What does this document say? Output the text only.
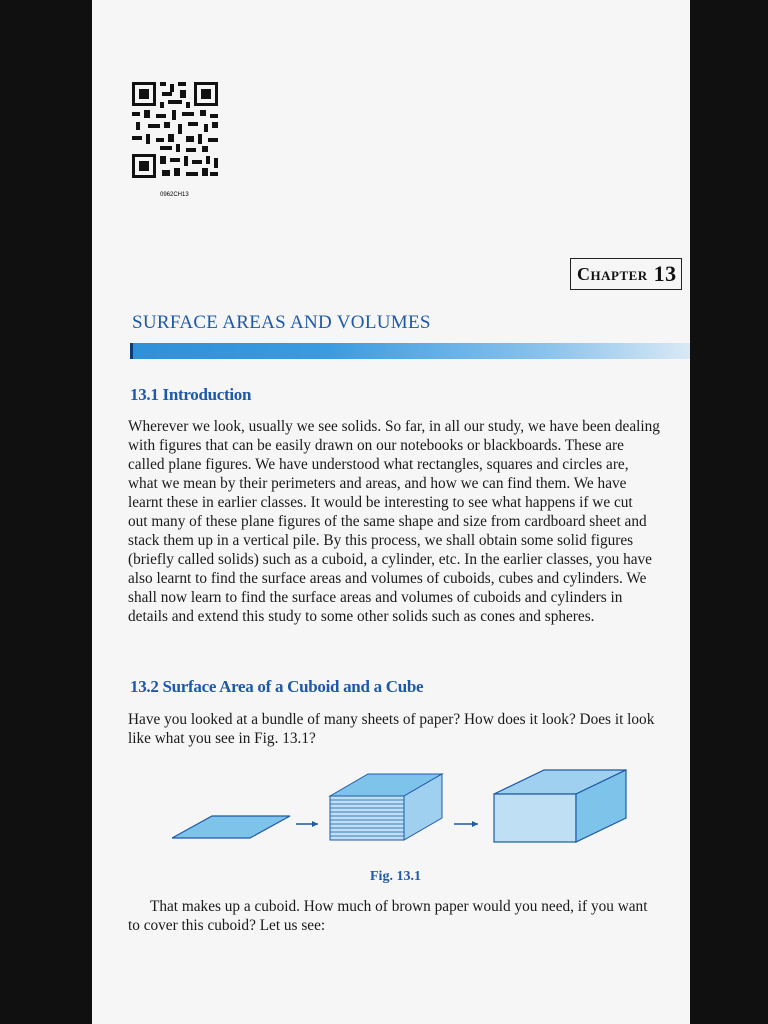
0962CH13
Chapter 13
SURFACE AREAS AND VOLUMES
13.1 Introduction

Wherever we look, usually we see solids. So far, in all our study, we have been dealing

with figures that can be easily drawn on our notebooks or blackboards. These are

called plane figures. We have understood what rectangles, squares and circles are,

what we mean by their perimeters and areas, and how we can find them. We have

learnt these in earlier classes. It would be interesting to see what happens if we cut

out many of these plane figures of the same shape and size from cardboard sheet and

stack them up in a vertical pile. By this process, we shall obtain some solid figures

(briefly called solids) such as a cuboid, a cylinder, etc. In the earlier classes, you have

also learnt to find the surface areas and volumes of cuboids, cubes and cylinders. We

shall now learn to find the surface areas and volumes of cuboids and cylinders in

details and extend this study to some other solids such as cones and spheres.

13.2 Surface Area of a Cuboid and a Cube

Have you looked at a bundle of many sheets of paper? How does it look? Does it look

like what you see in Fig. 13.1?

Fig. 13.1

That makes up a cuboid. How much of brown paper would you need, if you want

to cover this cuboid? Let us see:
